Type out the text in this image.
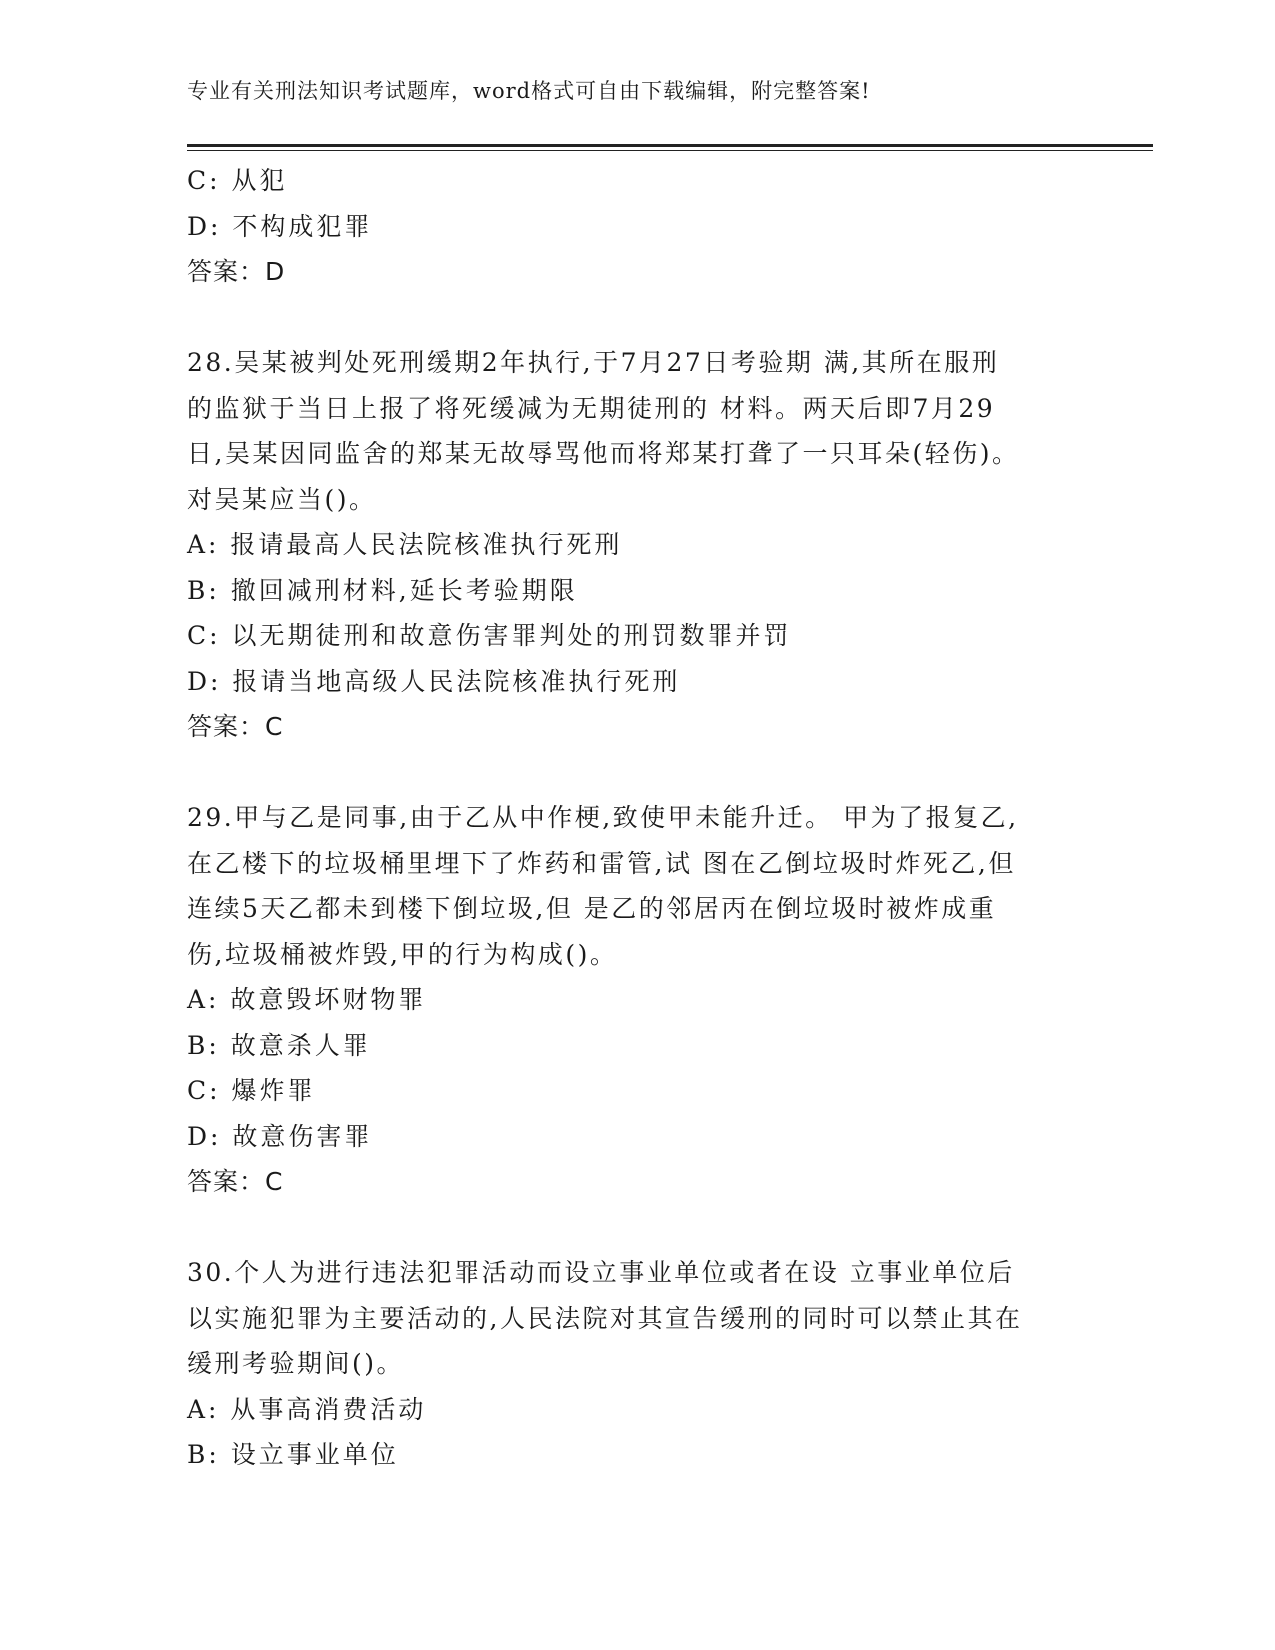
专业有关刑法知识考试题库，word格式可自由下载编辑，附完整答案!
C: 从犯
D: 不构成犯罪
答案：D
28.吴某被判处死刑缓期2年执行,于7月27日考验期 满,其所在服刑
的监狱于当日上报了将死缓减为无期徒刑的 材料。两天后即7月29
日,吴某因同监舍的郑某无故辱骂他而将郑某打聋了一只耳朵(轻伤)。
对吴某应当()。
A: 报请最高人民法院核准执行死刑
B: 撤回减刑材料,延长考验期限
C: 以无期徒刑和故意伤害罪判处的刑罚数罪并罚
D: 报请当地高级人民法院核准执行死刑
答案：C
29.甲与乙是同事,由于乙从中作梗,致使甲未能升迁。 甲为了报复乙,
在乙楼下的垃圾桶里埋下了炸药和雷管,试 图在乙倒垃圾时炸死乙,但
连续5天乙都未到楼下倒垃圾,但 是乙的邻居丙在倒垃圾时被炸成重
伤,垃圾桶被炸毁,甲的行为构成()。
A: 故意毁坏财物罪
B: 故意杀人罪
C: 爆炸罪
D: 故意伤害罪
答案：C
30.个人为进行违法犯罪活动而设立事业单位或者在设 立事业单位后
以实施犯罪为主要活动的,人民法院对其宣告缓刑的同时可以禁止其在
缓刑考验期间()。
A: 从事高消费活动
B: 设立事业单位
